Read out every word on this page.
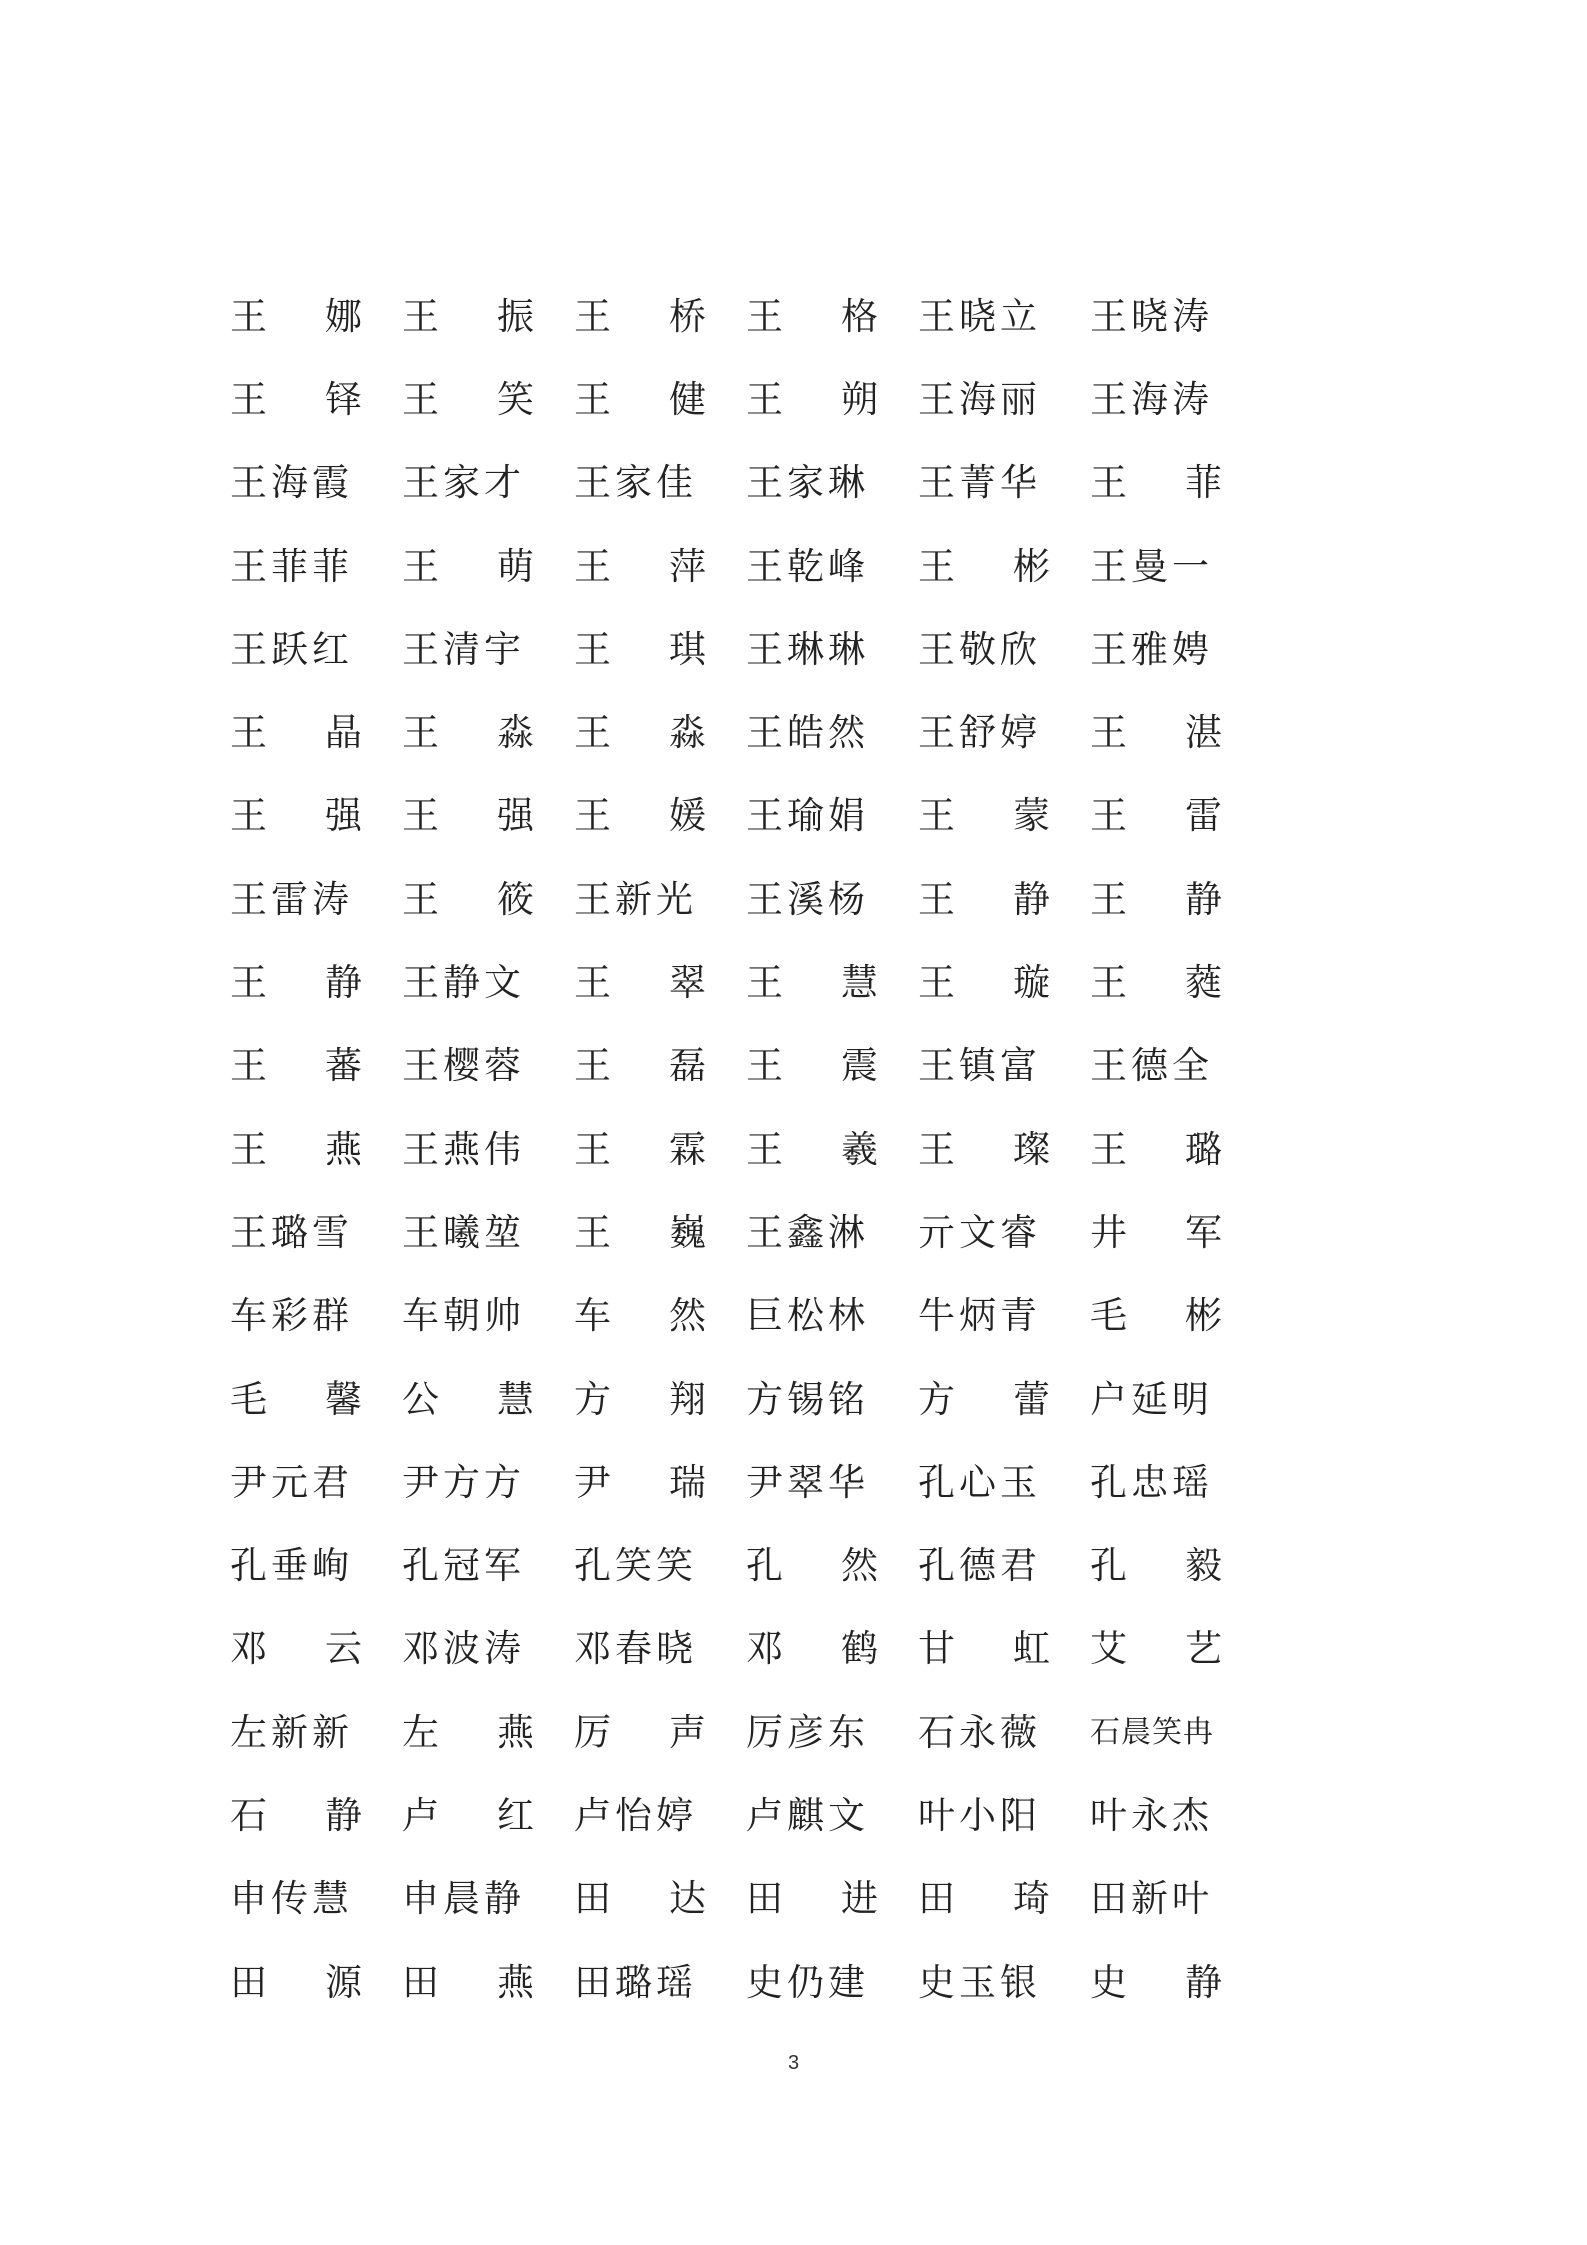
王 娜 王 振 王 桥 王 格 王晓立 王晓涛
王 铎 王 笑 王 健 王 朔 王海丽 王海涛
王海霞 王家才 王家佳 王家琳 王菁华 王 菲
王菲菲 王 萌 王 萍 王乾峰 王 彬 王曼一
王跃红 王清宇 王 琪 王琳琳 王敬欣 王雅娉
王 晶 王 淼 王 淼 王皓然 王舒婷 王 湛
王 强 王 强 王 媛 王瑜娟 王 蒙 王 雷
王雷涛 王 筱 王新光 王溪杨 王 静 王 静
王 静 王静文 王 翠 王 慧 王 璇 王 蕤
王 蕃 王樱蓉 王 磊 王 震 王镇富 王德全
王 燕 王燕伟 王 霖 王 羲 王 璨 王 璐
王璐雪 王曦堃 王 巍 王鑫淋 亓文睿 井 军
车彩群 车朝帅 车 然 巨松林 牛炳青 毛 彬
毛 馨 公 慧 方 翔 方锡铭 方 蕾 户延明
尹元君 尹方方 尹 瑞 尹翠华 孔心玉 孔忠瑶
孔垂峋 孔冠军 孔笑笑 孔 然 孔德君 孔 毅
邓 云 邓波涛 邓春晓 邓 鹤 甘 虹 艾 艺
左新新 左 燕 厉 声 厉彦东 石永薇 石晨笑冉
石 静 卢 红 卢怡婷 卢麒文 叶小阳 叶永杰
申传慧 申晨静 田 达 田 进 田 琦 田新叶
田 源 田 燕 田璐瑶 史仍建 史玉银 史 静
3
